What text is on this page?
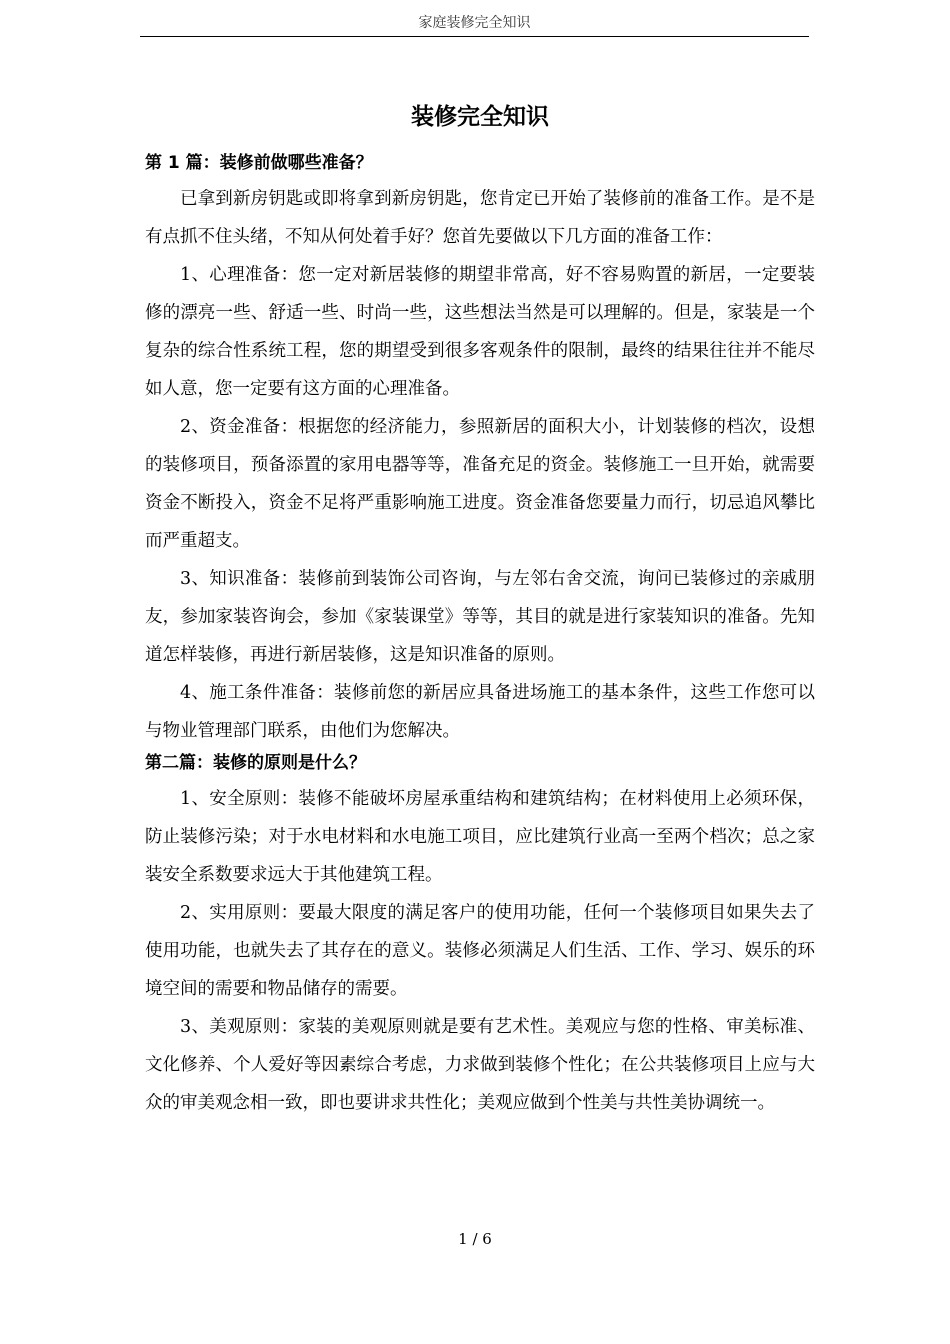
家庭装修完全知识
装修完全知识
第 1 篇：装修前做哪些准备？

已拿到新房钥匙或即将拿到新房钥匙，您肯定已开始了装修前的准备工作。是不是有点抓不住头绪，不知从何处着手好？您首先要做以下几方面的准备工作：

1、心理准备：您一定对新居装修的期望非常高，好不容易购置的新居，一定要装修的漂亮一些、舒适一些、时尚一些，这些想法当然是可以理解的。但是，家装是一个复杂的综合性系统工程，您的期望受到很多客观条件的限制，最终的结果往往并不能尽如人意，您一定要有这方面的心理准备。

2、资金准备：根据您的经济能力，参照新居的面积大小，计划装修的档次，设想的装修项目，预备添置的家用电器等等，准备充足的资金。装修施工一旦开始，就需要资金不断投入，资金不足将严重影响施工进度。资金准备您要量力而行，切忌追风攀比而严重超支。

3、知识准备：装修前到装饰公司咨询，与左邻右舍交流，询问已装修过的亲戚朋友，参加家装咨询会，参加《家装课堂》等等，其目的就是进行家装知识的准备。先知道怎样装修，再进行新居装修，这是知识准备的原则。

4、施工条件准备：装修前您的新居应具备进场施工的基本条件，这些工作您可以与物业管理部门联系，由他们为您解决。

第二篇：装修的原则是什么？

1、安全原则：装修不能破坏房屋承重结构和建筑结构；在材料使用上必须环保，防止装修污染；对于水电材料和水电施工项目，应比建筑行业高一至两个档次；总之家装安全系数要求远大于其他建筑工程。

2、实用原则：要最大限度的满足客户的使用功能，任何一个装修项目如果失去了使用功能，也就失去了其存在的意义。装修必须满足人们生活、工作、学习、娱乐的环境空间的需要和物品储存的需要。

3、美观原则：家装的美观原则就是要有艺术性。美观应与您的性格、审美标准、文化修养、个人爱好等因素综合考虑，力求做到装修个性化；在公共装修项目上应与大众的审美观念相一致，即也要讲求共性化；美观应做到个性美与共性美协调统一。

1 / 6
